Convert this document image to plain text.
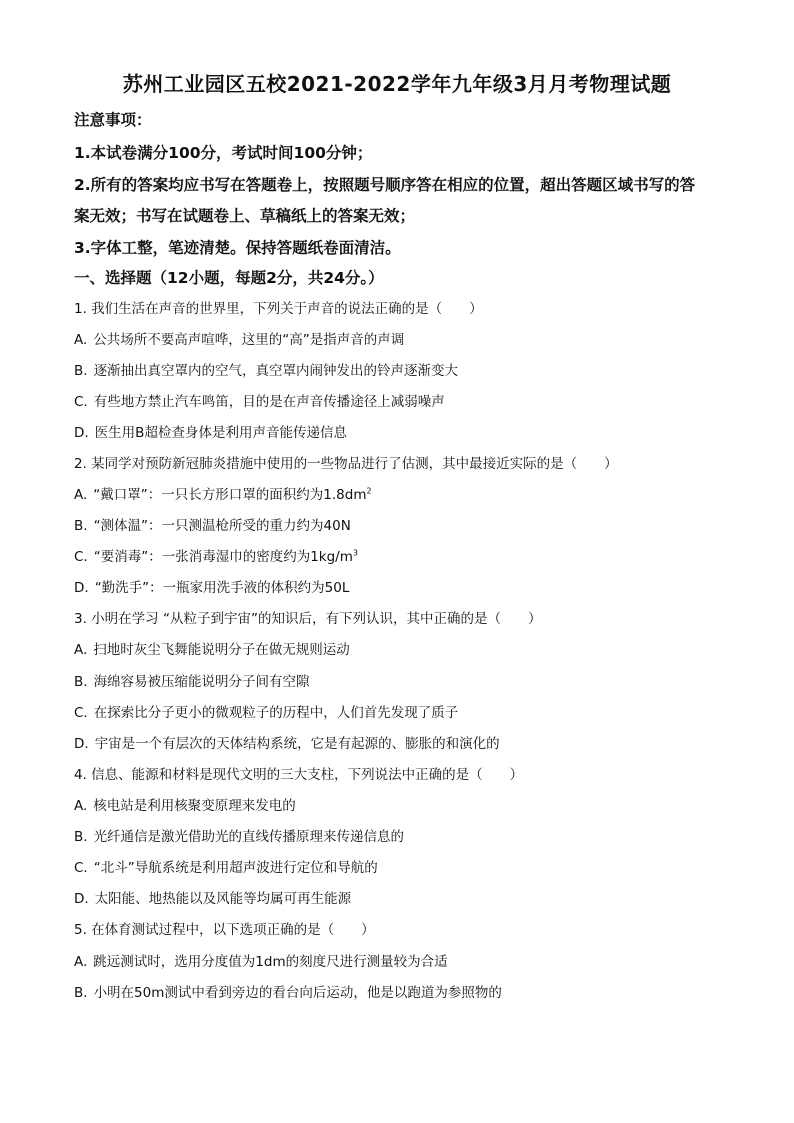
苏州工业园区五校2021-2022学年九年级3月月考物理试题
注意事项：
1.本试卷满分100分，考试时间100分钟；
2.所有的答案均应书写在答题卷上，按照题号顺序答在相应的位置，超出答题区域书写的答
案无效；书写在试题卷上、草稿纸上的答案无效；
3.字体工整，笔迹清楚。保持答题纸卷面清洁。
一、选择题（12小题，每题2分，共24分。）
1. 我们生活在声音的世界里，下列关于声音的说法正确的是（　　）
A. 公共场所不要高声喧哗，这里的“高”是指声音的声调
B. 逐渐抽出真空罩内的空气，真空罩内闹钟发出的铃声逐渐变大
C. 有些地方禁止汽车鸣笛，目的是在声音传播途径上减弱噪声
D. 医生用B超检查身体是利用声音能传递信息
2. 某同学对预防新冠肺炎措施中使用的一些物品进行了估测，其中最接近实际的是（　　）
A. “戴口罩”：一只长方形口罩的面积约为$1.8dm^2$
B. “测体温”：一只测温枪所受的重力约为40N
C. “要消毒”：一张消毒湿巾的密度约为$1kg/m^3$
D. “勤洗手”：一瓶家用洗手液的体积约为50L
3. 小明在学习 “从粒子到宇宙”的知识后，有下列认识，其中正确的是（　　）
A. 扫地时灰尘飞舞能说明分子在做无规则运动
B. 海绵容易被压缩能说明分子间有空隙
C. 在探索比分子更小的微观粒子的历程中，人们首先发现了质子
D. 宇宙是一个有层次的天体结构系统，它是有起源的、膨胀的和演化的
4. 信息、能源和材料是现代文明的三大支柱，下列说法中正确的是（　　）
A. 核电站是利用核聚变原理来发电的
B. 光纤通信是激光借助光的直线传播原理来传递信息的
C. “北斗”导航系统是利用超声波进行定位和导航的
D. 太阳能、地热能以及风能等均属可再生能源
5. 在体育测试过程中，以下选项正确的是（　　）
A. 跳远测试时，选用分度值为1dm的刻度尺进行测量较为合适
B. 小明在50m测试中看到旁边的看台向后运动，他是以跑道为参照物的
